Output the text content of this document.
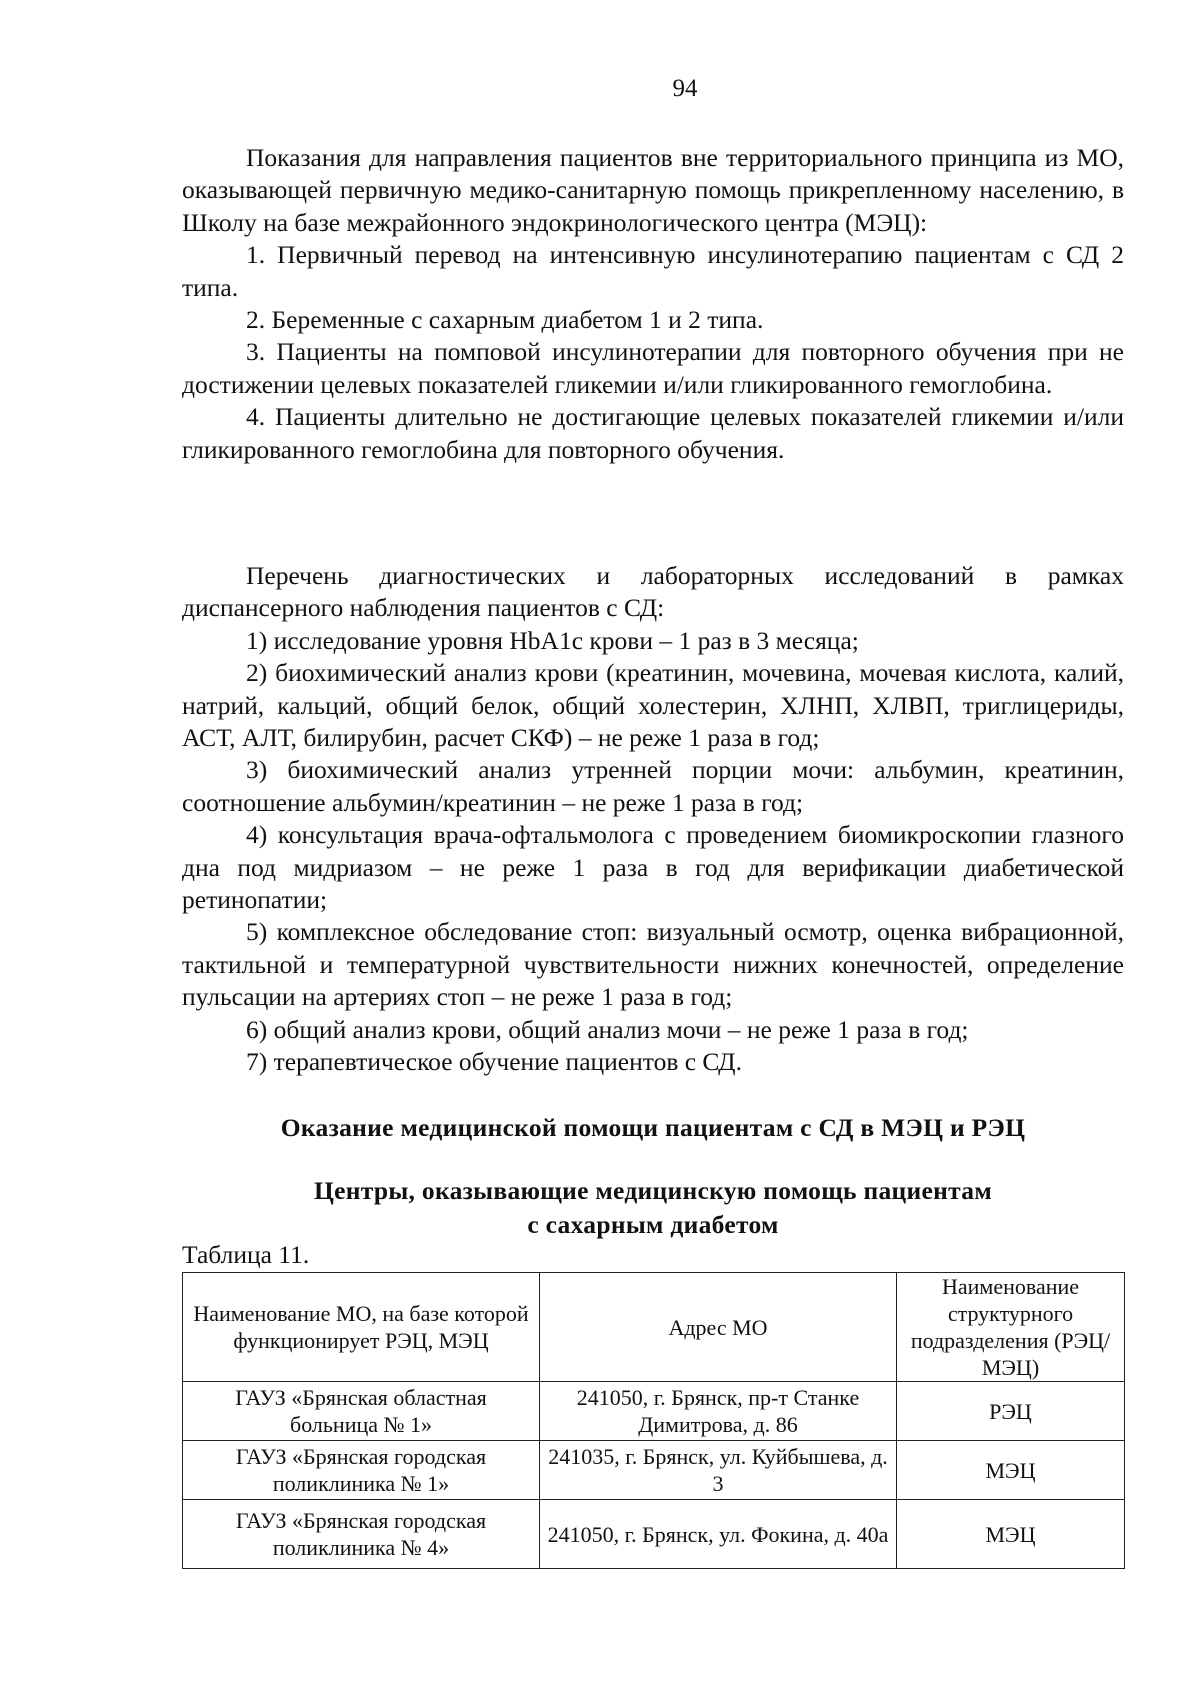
94

Показания для направления пациентов вне территориального принципа из МО, оказывающей первичную медико-санитарную помощь прикрепленному населению, в Школу на базе межрайонного эндокринологического центра (МЭЦ):

1. Первичный перевод на интенсивную инсулинотерапию пациентам с СД 2 типа.

2. Беременные с сахарным диабетом 1 и 2 типа.

3. Пациенты на помповой инсулинотерапии для повторного обучения при не достижении целевых показателей гликемии и/или гликированного гемоглобина.

4. Пациенты длительно не достигающие целевых показателей гликемии и/или гликированного гемоглобина для повторного обучения.

Перечень диагностических и лабораторных исследований в рамках диспансерного наблюдения пациентов с СД:

1) исследование уровня HbA1c крови – 1 раз в 3 месяца;

2) биохимический анализ крови (креатинин, мочевина, мочевая кислота, калий, натрий, кальций, общий белок, общий холестерин, ХЛНП, ХЛВП, триглицериды, АСТ, АЛТ, билирубин, расчет СКФ) – не реже 1 раза в год;

3) биохимический анализ утренней порции мочи: альбумин, креатинин, соотношение альбумин/креатинин – не реже 1 раза в год;

4) консультация врача-офтальмолога с проведением биомикроскопии глазного дна под мидриазом – не реже 1 раза в год для верификации диабетической ретинопатии;

5) комплексное обследование стоп: визуальный осмотр, оценка вибрационной, тактильной и температурной чувствительности нижних конечностей, определение пульсации на артериях стоп – не реже 1 раза в год;

6) общий анализ крови, общий анализ мочи – не реже 1 раза в год;

7) терапевтическое обучение пациентов с СД.

Оказание медицинской помощи пациентам с СД в МЭЦ и РЭЦ
Центры, оказывающие медицинскую помощь пациентам
с сахарным диабетом
Таблица 11.
Наименование МО, на базе которой функционирует РЭЦ, МЭЦ	Адрес МО	Наименование структурного подразделения (РЭЦ/МЭЦ)
ГАУЗ «Брянская областная больница № 1»	241050, г. Брянск, пр-т Станке Димитрова, д. 86	РЭЦ
ГАУЗ «Брянская городская поликлиника № 1»	241035, г. Брянск, ул. Куйбышева, д. 3	МЭЦ
ГАУЗ «Брянская городская поликлиника № 4»	241050, г. Брянск, ул. Фокина, д. 40а	МЭЦ
